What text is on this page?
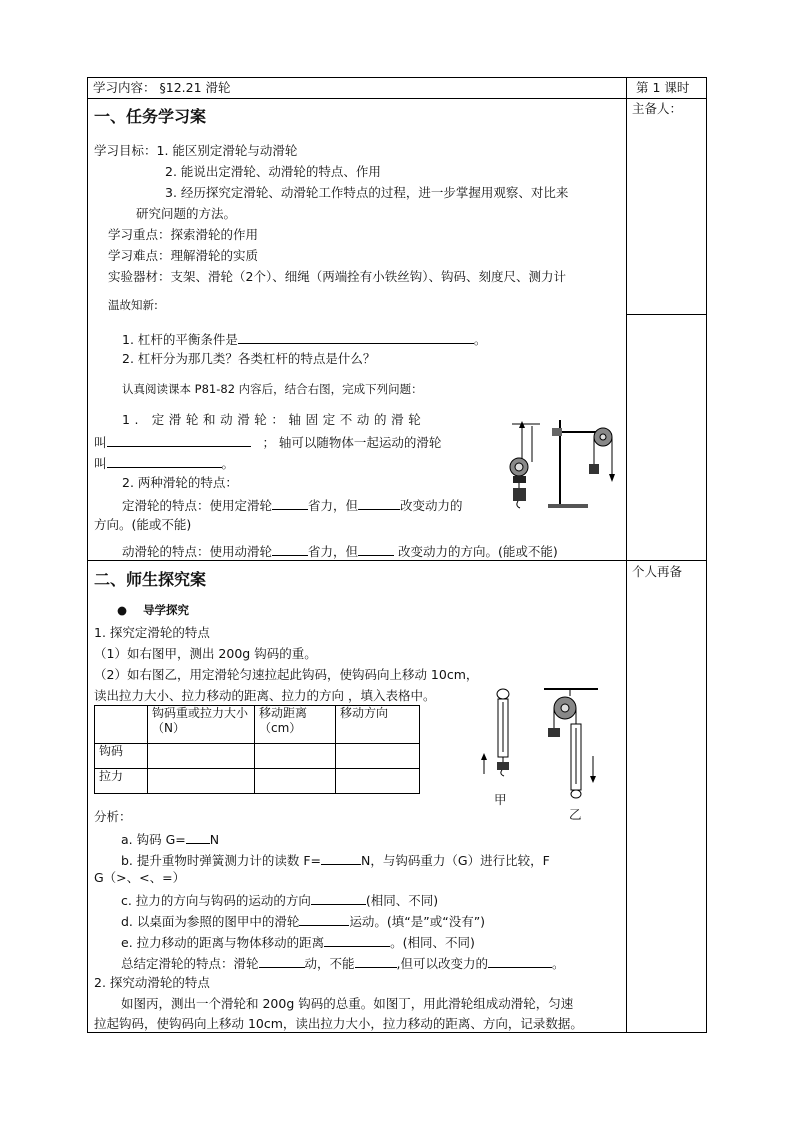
学习内容： §12.21 滑轮	第 1 课时
主备人：
个人再备
一、任务学习案
学习目标：1. 能区别定滑轮与动滑轮
2. 能说出定滑轮、动滑轮的特点、作用
3. 经历探究定滑轮、动滑轮工作特点的过程，进一步掌握用观察、对比来
研究问题的方法。
学习重点：探索滑轮的作用
学习难点：理解滑轮的实质
实验器材：支架、滑轮（2个）、细绳（两端拴有小铁丝钩）、钩码、刻度尺、测力计
温故知新:
1. 杠杆的平衡条件是	。
2. 杠杆分为那几类？各类杠杆的特点是什么？
认真阅读课本 P81-82 内容后，结合右图，完成下列问题：
1. 定滑轮和动滑轮：轴固定不动的滑轮
叫	； 轴可以随物体一起运动的滑轮
叫	。
2. 两种滑轮的特点：
定滑轮的特点：使用定滑轮	省力，但	改变动力的
方向。(能或不能)
动滑轮的特点：使用动滑轮	省力，但	改变动力的方向。(能或不能)
二、师生探究案
● 导学探究
1. 探究定滑轮的特点
（1）如右图甲，测出 200g 钩码的重。
（2）如右图乙，用定滑轮匀速拉起此钩码，使钩码向上移动 10cm，
读出拉力大小、拉力移动的距离、拉力的方向 ，填入表格中。
	钩码重或拉力大小（N）	移动距离（cm）	移动方向
钩码			
拉力			
甲
乙
分析：
a. 钩码 G= N
b. 提升重物时弹簧测力计的读数 F=	N，与钩码重力（G）进行比较，F
G（>、<、=）
c. 拉力的方向与钩码的运动的方向	(相同、不同)
d. 以桌面为参照的图甲中的滑轮	运动。(填“是”或“没有”)
e. 拉力移动的距离与物体移动的距离	。(相同、不同)
总结定滑轮的特点：滑轮	动，不能	,但可以改变力的	。
2. 探究动滑轮的特点
如图丙，测出一个滑轮和 200g 钩码的总重。如图丁，用此滑轮组成动滑轮，匀速
拉起钩码，使钩码向上移动 10cm，读出拉力大小，拉力移动的距离、方向，记录数据。
